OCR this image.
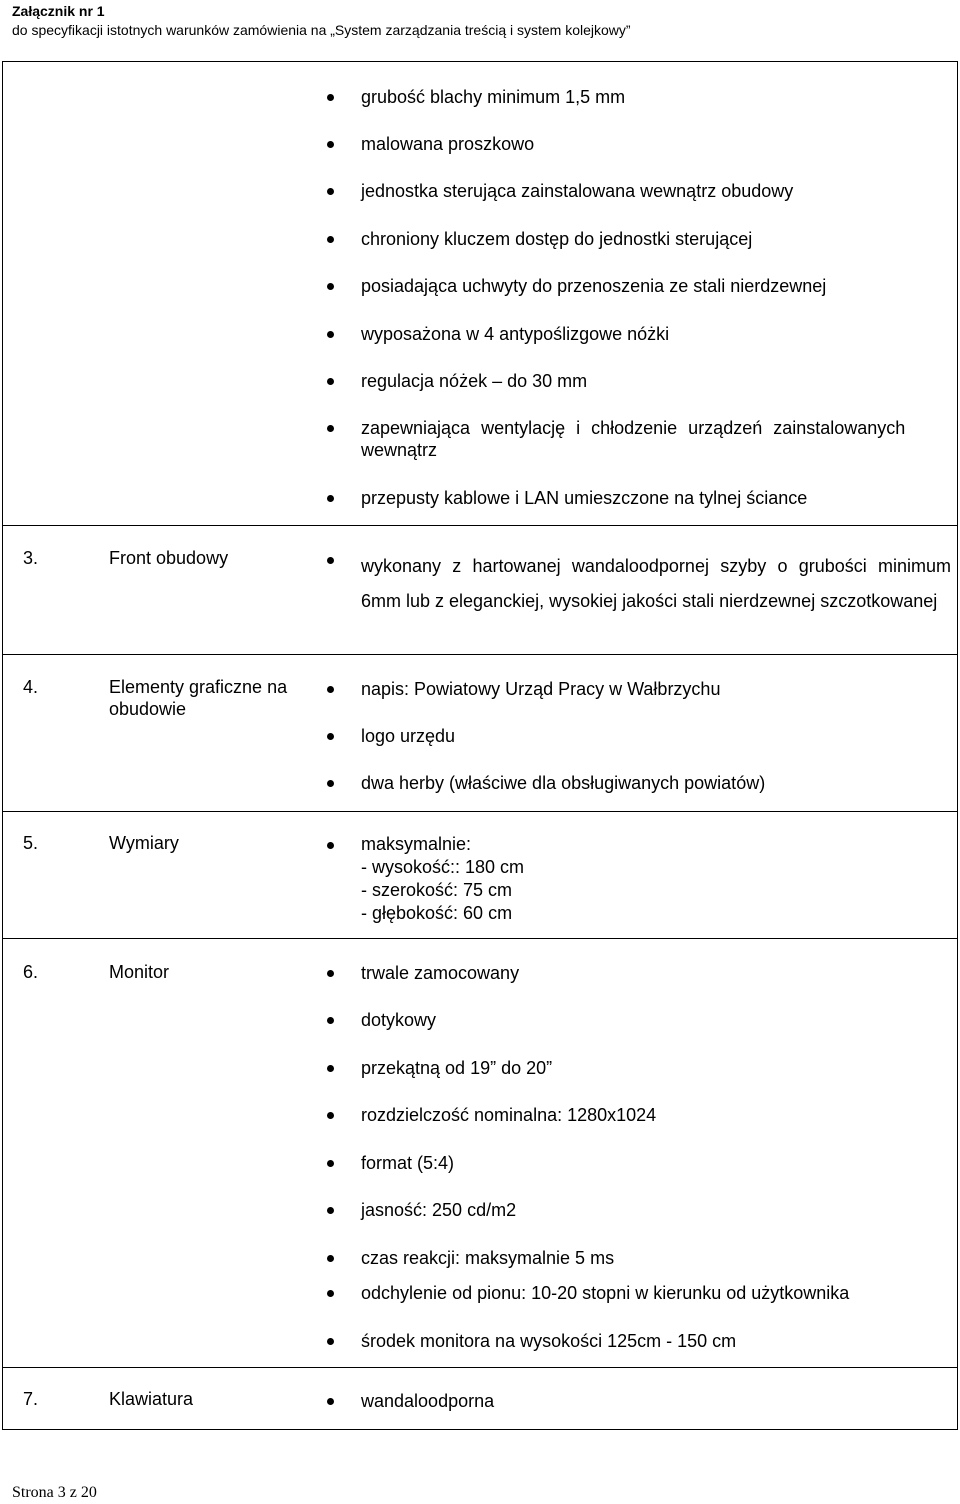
Załącznik nr 1
do specyfikacji istotnych warunków zamówienia na „System zarządzania treścią i system kolejkowy”
grubość blachy minimum 1,5 mm
malowana proszkowo
jednostka sterująca zainstalowana wewnątrz obudowy
chroniony kluczem dostęp do jednostki sterującej
posiadająca uchwyty do przenoszenia ze stali nierdzewnej
wyposażona w 4 antypoślizgowe nóżki
regulacja nóżek – do 30 mm
zapewniająca wentylację i chłodzenie urządzeń zainstalowanych wewnątrz
przepusty kablowe i LAN umieszczone na tylnej ściance
3.	Front obudowy	wykonany z hartowanej wandaloodpornej szyby o grubości minimum 6mm lub z eleganckiej, wysokiej jakości stali nierdzewnej szczotkowanej
4.	Elementy graficzne na obudowie
napis: Powiatowy Urząd Pracy w Wałbrzychu
logo urzędu
dwa herby (właściwe dla obsługiwanych powiatów)
5.	Wymiary	maksymalnie:
- wysokość:: 180 cm
- szerokość: 75 cm
- głębokość: 60 cm
6.	Monitor	trwale zamocowany
dotykowy
przekątną od 19” do 20”
rozdzielczość nominalna: 1280x1024
format (5:4)
jasność: 250 cd/m2
czas reakcji: maksymalnie 5 ms
odchylenie od pionu: 10-20 stopni w kierunku od użytkownika
środek monitora na wysokości 125cm - 150 cm
7.	Klawiatura	wandaloodporna
Strona 3 z 20
